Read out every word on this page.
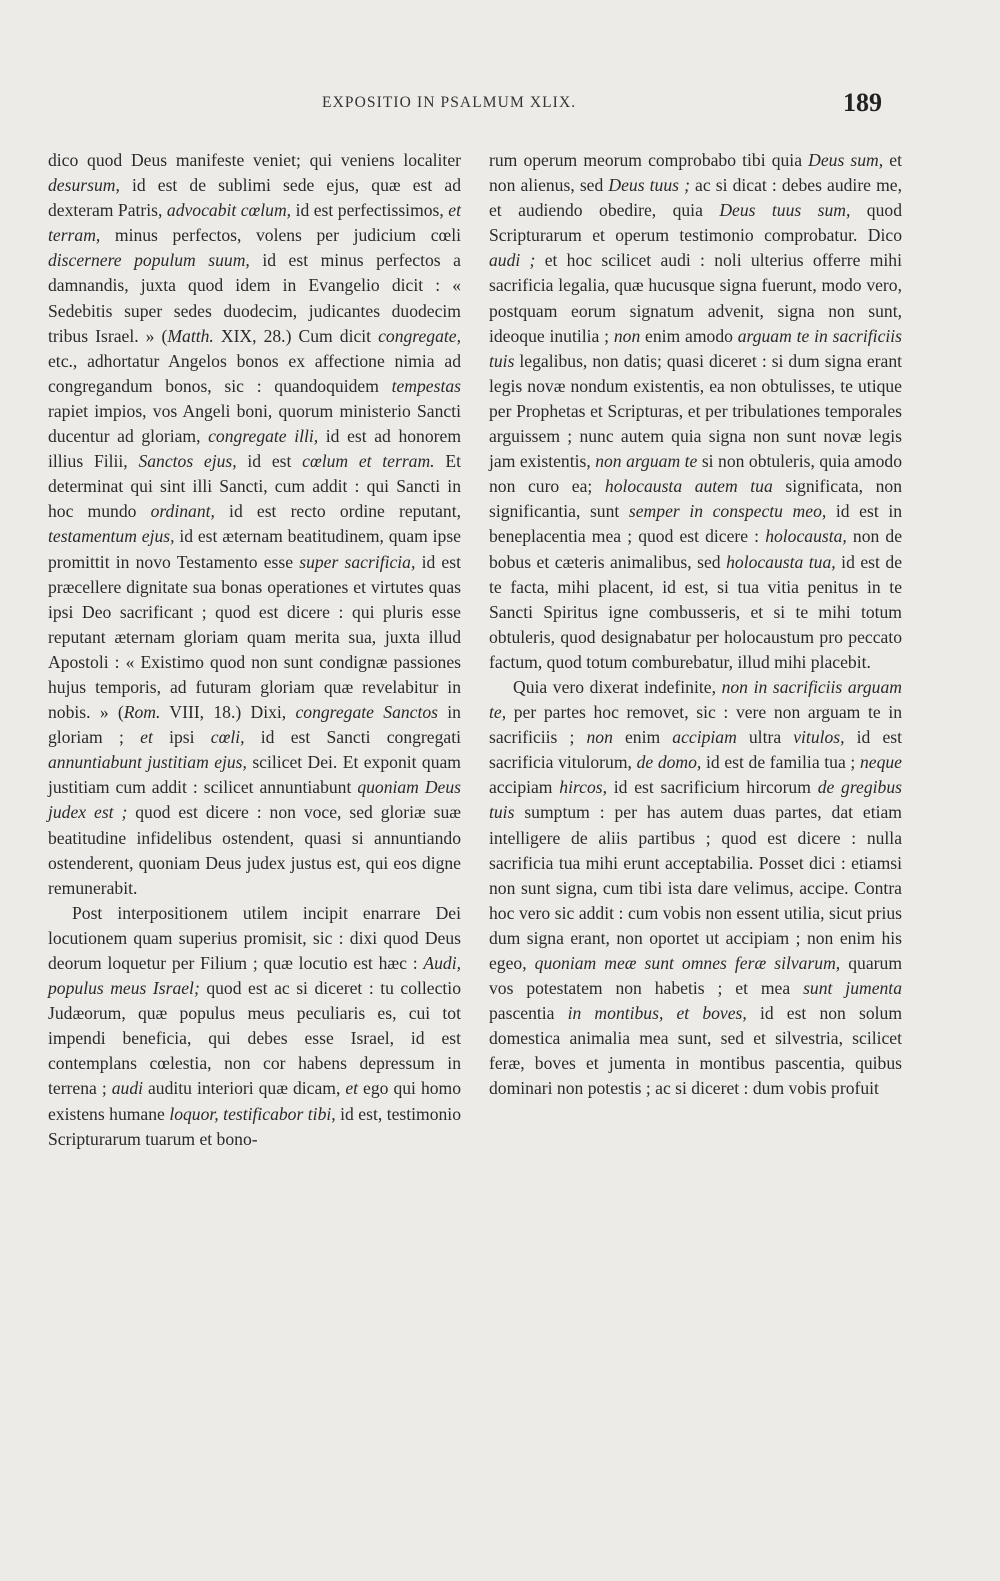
EXPOSITIO IN PSALMUM XLIX.	189

dico quod Deus manifeste veniet; qui veniens localiter desursum, id est de sublimi sede ejus, quæ est ad dexteram Patris, advocabit cœlum, id est perfectissimos, et terram, minus perfectos, volens per judicium cœli discernere populum suum, id est minus perfectos a damnandis, juxta quod idem in Evangelio dicit : « Sedebitis super sedes duodecim, judicantes duodecim tribus Israel. » (Matth. XIX, 28.) Cum dicit congregate, etc., adhortatur Angelos bonos ex affectione nimia ad congregandum bonos, sic : quandoquidem tempestas rapiet impios, vos Angeli boni, quorum ministerio Sancti ducentur ad gloriam, congregate illi, id est ad honorem illius Filii, Sanctos ejus, id est cœlum et terram. Et determinat qui sint illi Sancti, cum addit : qui Sancti in hoc mundo ordinant, id est recto ordine reputant, testamentum ejus, id est æternam beatitudinem, quam ipse promittit in novo Testamento esse super sacrificia, id est præcellere dignitate sua bonas operationes et virtutes quas ipsi Deo sacrificant ; quod est dicere : qui pluris esse reputant æternam gloriam quam merita sua, juxta illud Apostoli : « Existimo quod non sunt condignæ passiones hujus temporis, ad futuram gloriam quæ revelabitur in nobis. » (Rom. VIII, 18.) Dixi, congregate Sanctos in gloriam ; et ipsi cœli, id est Sancti congregati annuntiabunt justitiam ejus, scilicet Dei. Et exponit quam justitiam cum addit : scilicet annuntiabunt quoniam Deus judex est ; quod est dicere : non voce, sed gloriæ suæ beatitudine infidelibus ostendent, quasi si annuntiando ostenderent, quoniam Deus judex justus est, qui eos digne remunerabit.

Post interpositionem utilem incipit enarrare Dei locutionem quam superius promisit, sic : dixi quod Deus deorum loquetur per Filium ; quæ locutio est hæc : Audi, populus meus Israel; quod est ac si diceret : tu collectio Judæorum, quæ populus meus peculiaris es, cui tot impendi beneficia, qui debes esse Israel, id est contemplans cœlestia, non cor habens depressum in terrena ; audi auditu interiori quæ dicam, et ego qui homo existens humane loquor, testificabor tibi, id est, testimonio Scripturarum tuarum et bono-

rum operum meorum comprobabo tibi quia Deus sum, et non alienus, sed Deus tuus ; ac si dicat : debes audire me, et audiendo obedire, quia Deus tuus sum, quod Scripturarum et operum testimonio comprobatur. Dico audi ; et hoc scilicet audi : noli ulterius offerre mihi sacrificia legalia, quæ hucusque signa fuerunt, modo vero, postquam eorum signatum advenit, signa non sunt, ideoque inutilia ; non enim amodo arguam te in sacrificiis tuis legalibus, non datis; quasi diceret : si dum signa erant legis novæ nondum existentis, ea non obtulisses, te utique per Prophetas et Scripturas, et per tribulationes temporales arguissem ; nunc autem quia signa non sunt novæ legis jam existentis, non arguam te si non obtuleris, quia amodo non curo ea; holocausta autem tua significata, non significantia, sunt semper in conspectu meo, id est in beneplacentia mea ; quod est dicere : holocausta, non de bobus et cæteris animalibus, sed holocausta tua, id est de te facta, mihi placent, id est, si tua vitia penitus in te Sancti Spiritus igne combusseris, et si te mihi totum obtuleris, quod designabatur per holocaustum pro peccato factum, quod totum comburebatur, illud mihi placebit.

Quia vero dixerat indefinite, non in sacrificiis arguam te, per partes hoc removet, sic : vere non arguam te in sacrificiis ; non enim accipiam ultra vitulos, id est sacrificia vitulorum, de domo, id est de familia tua ; neque accipiam hircos, id est sacrificium hircorum de gregibus tuis sumptum : per has autem duas partes, dat etiam intelligere de aliis partibus ; quod est dicere : nulla sacrificia tua mihi erunt acceptabilia. Posset dici : etiamsi non sunt signa, cum tibi ista dare velimus, accipe. Contra hoc vero sic addit : cum vobis non essent utilia, sicut prius dum signa erant, non oportet ut accipiam ; non enim his egeo, quoniam meæ sunt omnes feræ silvarum, quarum vos potestatem non habetis ; et mea sunt jumenta pascentia in montibus, et boves, id est non solum domestica animalia mea sunt, sed et silvestria, scilicet feræ, boves et jumenta in montibus pascentia, quibus dominari non potestis ; ac si diceret : dum vobis profuit
